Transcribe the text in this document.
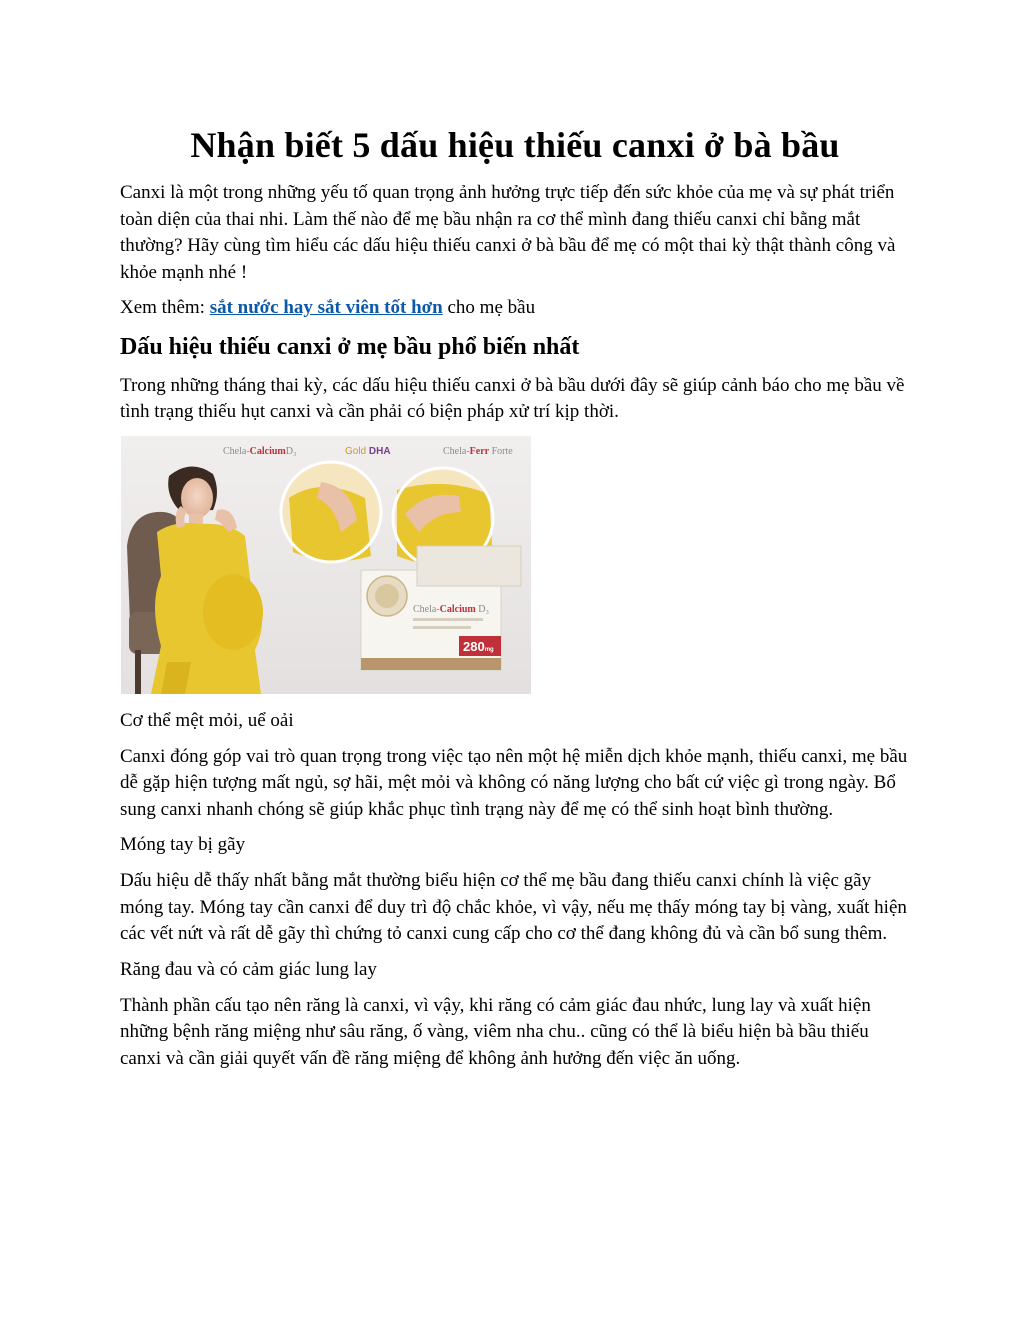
Nhận biết 5 dấu hiệu thiếu canxi ở bà bầu

Canxi là một trong những yếu tố quan trọng ảnh hưởng trực tiếp đến sức khỏe của mẹ và sự phát triển toàn diện của thai nhi. Làm thế nào để mẹ bầu nhận ra cơ thể mình đang thiếu canxi chỉ bằng mắt thường? Hãy cùng tìm hiểu các dấu hiệu thiếu canxi ở bà bầu để mẹ có một thai kỳ thật thành công và khỏe mạnh nhé !

Xem thêm: sắt nước hay sắt viên tốt hơn cho mẹ bầu

Dấu hiệu thiếu canxi ở mẹ bầu phổ biến nhất

Trong những tháng thai kỳ, các dấu hiệu thiếu canxi ở bà bầu dưới đây sẽ giúp cảnh báo cho mẹ bầu về tình trạng thiếu hụt canxi và cần phải có biện pháp xử trí kịp thời.

Chela-CalciumD₃	Gold DHA	Chela-Ferr Forte
Chela-Calcium D₃
280mg

Cơ thể mệt mỏi, uể oải

Canxi đóng góp vai trò quan trọng trong việc tạo nên một hệ miễn dịch khỏe mạnh, thiếu canxi, mẹ bầu dễ gặp hiện tượng mất ngủ, sợ hãi, mệt mỏi và không có năng lượng cho bất cứ việc gì trong ngày. Bổ sung canxi nhanh chóng sẽ giúp khắc phục tình trạng này để mẹ có thể sinh hoạt bình thường.

Móng tay bị gãy

Dấu hiệu dễ thấy nhất bằng mắt thường biểu hiện cơ thể mẹ bầu đang thiếu canxi chính là việc gãy móng tay. Móng tay cần canxi để duy trì độ chắc khỏe, vì vậy, nếu mẹ thấy móng tay bị vàng, xuất hiện các vết nứt và rất dễ gãy thì chứng tỏ canxi cung cấp cho cơ thể đang không đủ và cần bổ sung thêm.

Răng đau và có cảm giác lung lay

Thành phần cấu tạo nên răng là canxi, vì vậy, khi răng có cảm giác đau nhức, lung lay và xuất hiện những bệnh răng miệng như sâu răng, ố vàng, viêm nha chu.. cũng có thể là biểu hiện bà bầu thiếu canxi và cần giải quyết vấn đề răng miệng để không ảnh hưởng đến việc ăn uống.
